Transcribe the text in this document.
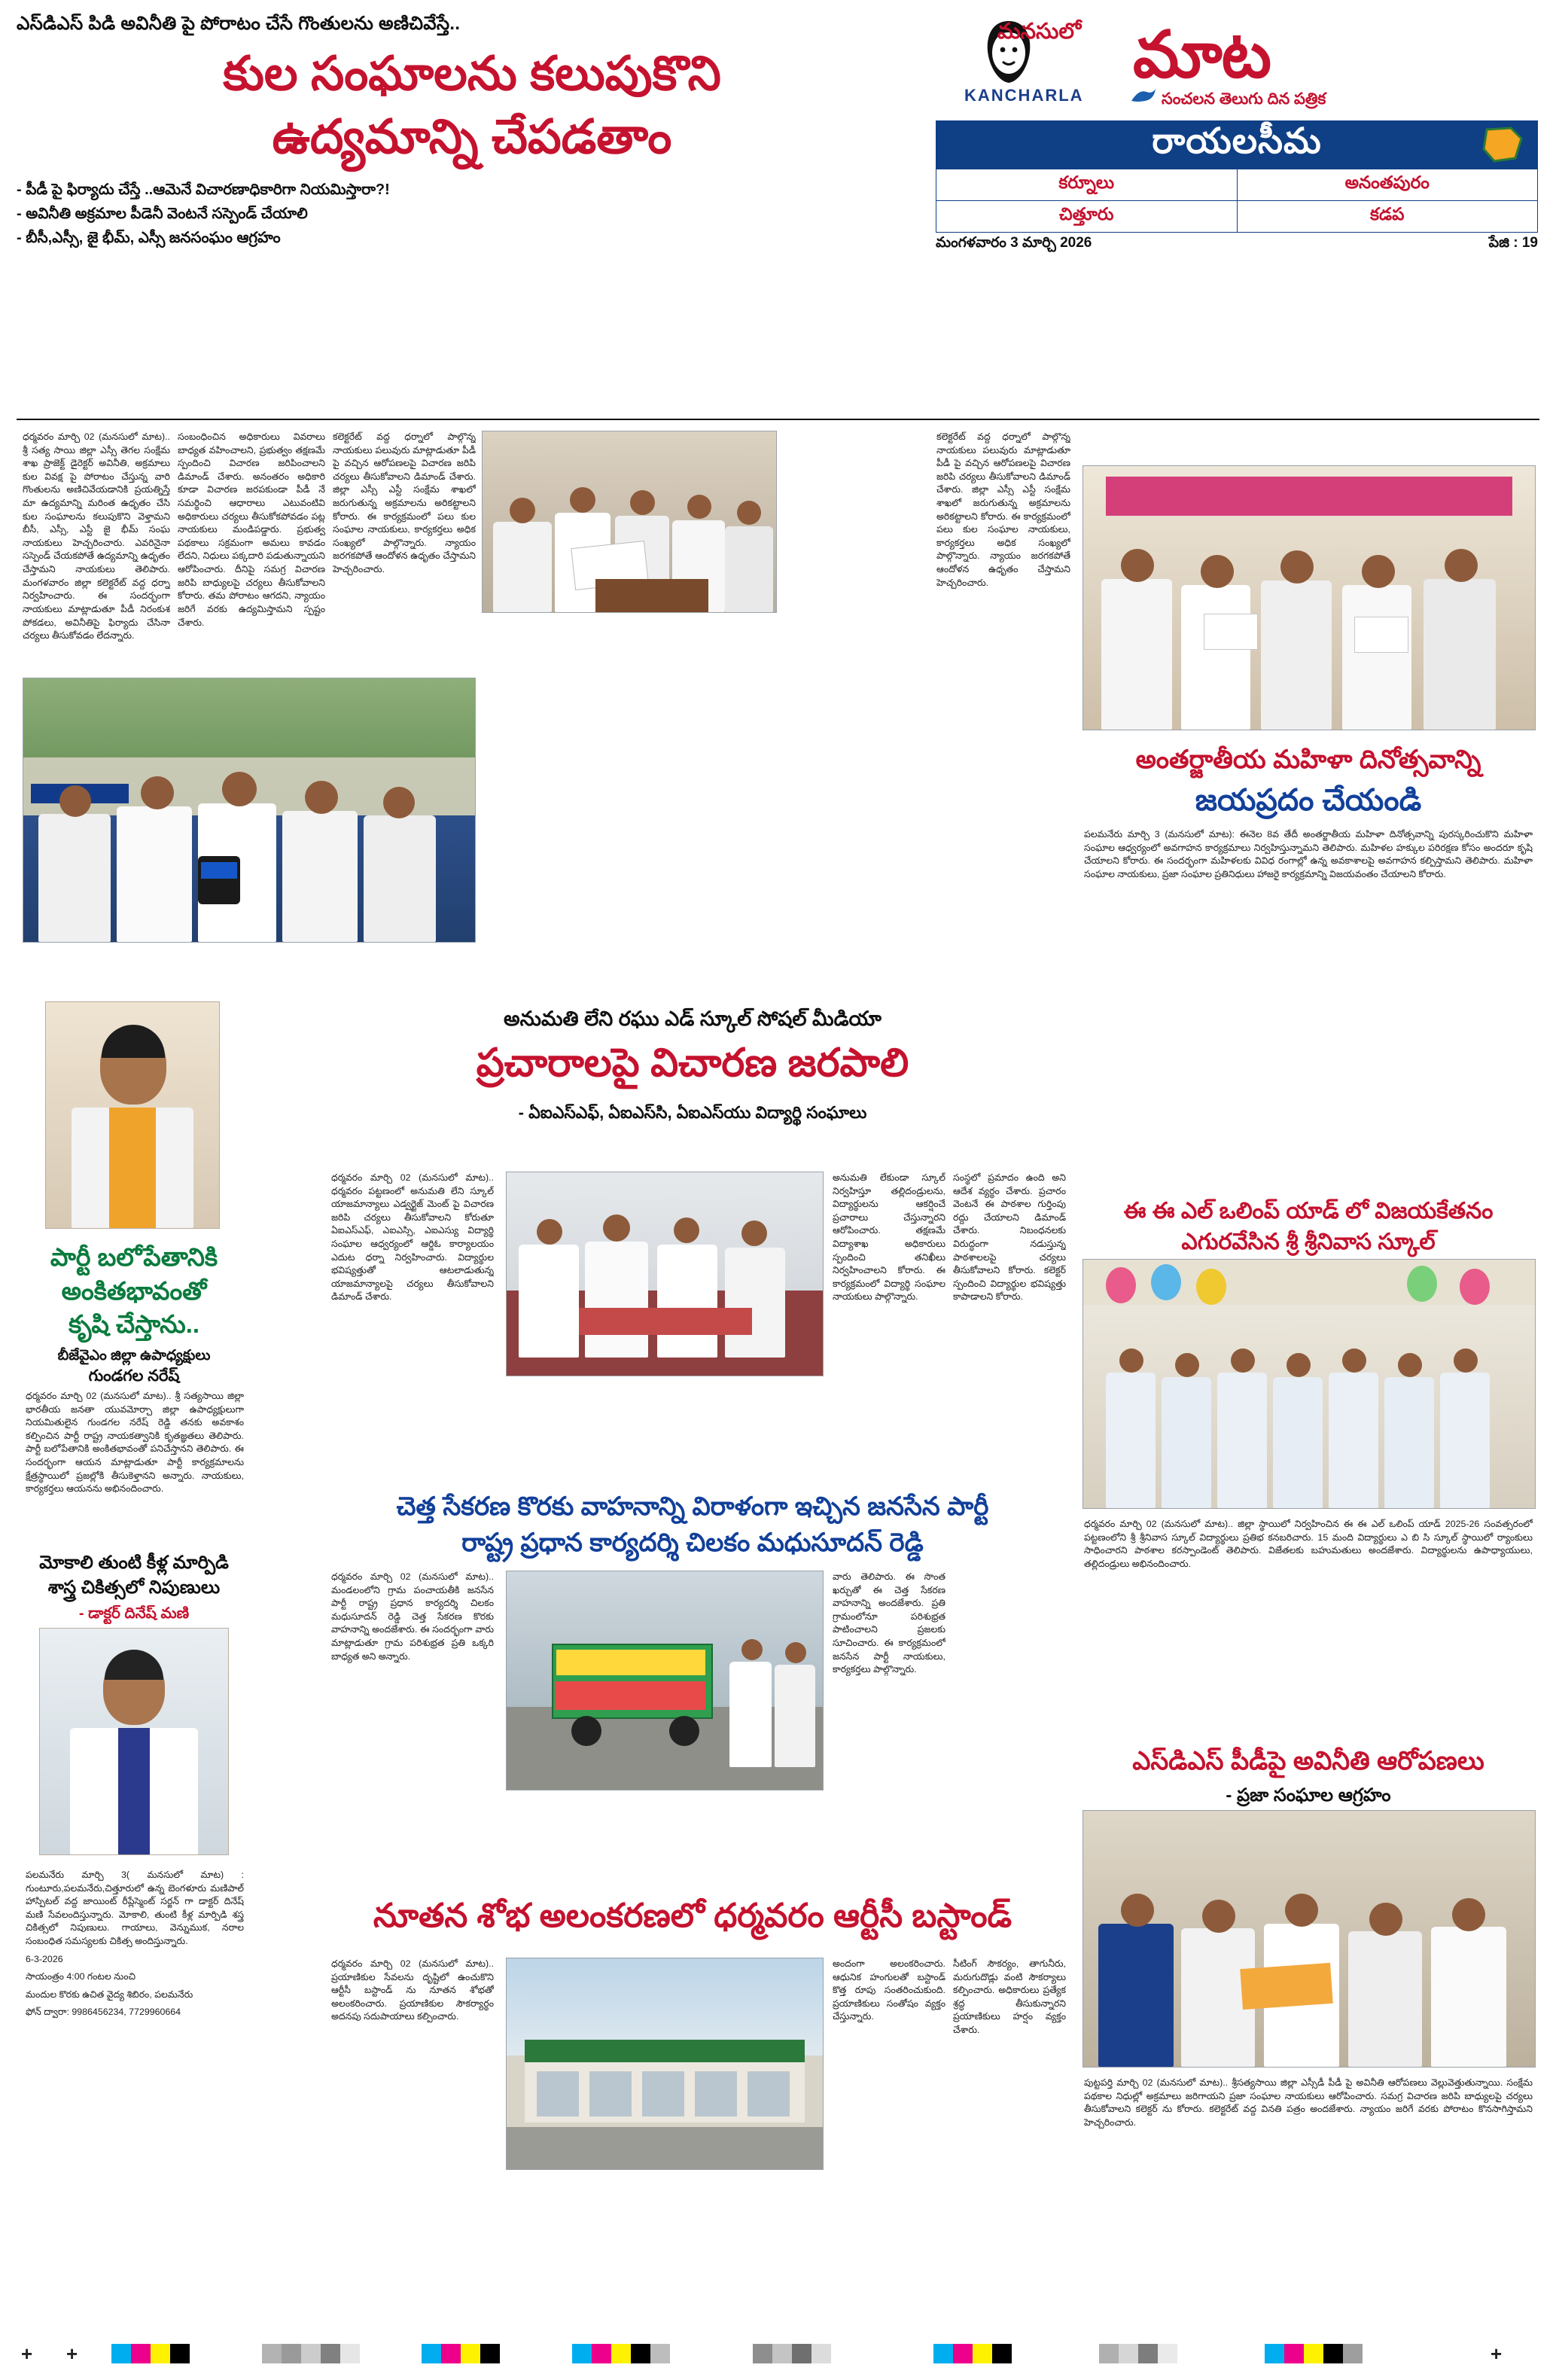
ఎస్‌డిఎస్ పిడి అవినీతి పై పోరాటం చేసే గొంతులను అణిచివేస్తే..
కుల సంఘాలను కలుపుకొని
ఉద్యమాన్ని చేపడతాం
- పీడీ పై ఫిర్యాదు చేస్తే ..ఆమెనే విచారణాధికారిగా నియమిస్తారా?!
- అవినీతి అక్రమాల పీడెనీ వెంటనే సస్పెండ్ చేయాలి
- బీసీ,ఎస్సీ, జై భీమ్, ఎస్సీ జనసంఘం ఆగ్రహం
మనసులో మాట
KANCHARLA	సంచలన తెలుగు దిన పత్రిక
రాయలసీమ
కర్నూలు	అనంతపురం
చిత్తూరు	కడప
మంగళవారం 3 మార్చి 2026	పేజి : 19

ధర్మవరం మార్చి 02 (మనసులో మాట).. శ్రీ సత్య సాయి జిల్లా ఎస్సీ తెగల సంక్షేమ శాఖ ప్రాజెక్ట్ డైరెక్టర్ అవినీతి, అక్రమాలు కుల వివక్ష పై పోరాటం చేస్తున్న వారి గొంతులను అణిచివేయడానికి ప్రయత్నిస్తే మా ఉద్యమాన్ని మరింత ఉధృతం చేసి కుల సంఘాలను కలుపుకొని వెళ్తామని బీసీ, ఎస్సీ, ఎస్టీ జై భీమ్ సంఘ నాయకులు హెచ్చరించారు. ఎవరినైనా సస్పెండ్ చేయకపోతే ఉద్యమాన్ని ఉధృతం చేస్తామని నాయకులు తెలిపారు. మంగళవారం జిల్లా కలెక్టరేట్ వద్ద ధర్నా నిర్వహించారు. ఈ సందర్భంగా నాయకులు మాట్లాడుతూ పీడీ నిరంకుశ పోకడలు, అవినీతిపై ఫిర్యాదు చేసినా చర్యలు తీసుకోవడం లేదన్నారు.

సంబంధించిన అధికారులు వివరాలు బాధ్యత వహించాలని, ప్రభుత్వం తక్షణమే స్పందించి విచారణ జరిపించాలని డిమాండ్ చేశారు. అనంతరం అధికారి కూడా విచారణ జరపకుండా పీడీ నే సమర్థించి ఆధారాలు ఎటువంటివి అధికారులు చర్యలు తీసుకోకపోవడం పట్ల నాయకులు మండిపడ్డారు. ప్రభుత్వ పథకాలు సక్రమంగా అమలు కావడం లేదని, నిధులు పక్కదారి పడుతున్నాయని ఆరోపించారు. దీనిపై సమగ్ర విచారణ జరిపి బాధ్యులపై చర్యలు తీసుకోవాలని కోరారు. తమ పోరాటం ఆగదని, న్యాయం జరిగే వరకు ఉద్యమిస్తామని స్పష్టం చేశారు.

కలెక్టరేట్ వద్ద ధర్నాలో పాల్గొన్న నాయకులు పలువురు మాట్లాడుతూ పీడీ పై వచ్చిన ఆరోపణలపై విచారణ జరిపి చర్యలు తీసుకోవాలని డిమాండ్ చేశారు. జిల్లా ఎస్సీ ఎస్టీ సంక్షేమ శాఖలో జరుగుతున్న అక్రమాలను అరికట్టాలని కోరారు. ఈ కార్యక్రమంలో పలు కుల సంఘాల నాయకులు, కార్యకర్తలు అధిక సంఖ్యలో పాల్గొన్నారు. న్యాయం జరగకపోతే ఆందోళన ఉధృతం చేస్తామని హెచ్చరించారు.

పార్టీ బలోపేతానికి
అంకితభావంతో
కృషి చేస్తాను..
బీజేవైఎం జిల్లా ఉపాధ్యక్షులు
గుండగల నరేష్

ధర్మవరం మార్చి 02 (మనసులో మాట).. శ్రీ సత్యసాయి జిల్లా భారతీయ జనతా యువమోర్చా జిల్లా ఉపాధ్యక్షులుగా నియమితులైన గుండగల నరేష్ రెడ్డి తనకు అవకాశం కల్పించిన పార్టీ రాష్ట్ర నాయకత్వానికి కృతజ్ఞతలు తెలిపారు. పార్టీ బలోపేతానికి అంకితభావంతో పనిచేస్తానని తెలిపారు. ఈ సందర్భంగా ఆయన మాట్లాడుతూ పార్టీ కార్యక్రమాలను క్షేత్రస్థాయిలో ప్రజల్లోకి తీసుకెళ్తానని అన్నారు. నాయకులు, కార్యకర్తలు ఆయనను అభినందించారు.

మోకాలి తుంటి కీళ్ల మార్పిడి
శాస్త్ర చికిత్సలో నిపుణులు
- డాక్టర్ దినేష్ మణి

పలమనేరు మార్చి 3( మనసులో మాట) : గుంటూరు,పలమనేరు,చిత్తూరులో ఉన్న బెంగళూరు మణిపాల్ హాస్పిటల్ వద్ద జాయింట్ రీప్లేస్మెంట్ సర్జన్ గా డాక్టర్ దినేష్ మణి సేవలందిస్తున్నారు. మోకాలి, తుంటి కీళ్ల మార్పిడి శస్త్ర చికిత్సలో నిపుణులు. గాయాలు, వెన్నుముక, నరాల సంబంధిత సమస్యలకు చికిత్స అందిస్తున్నారు.

6-3-2026

సాయంత్రం 4:00 గంటల నుంచి

మందుల కొరకు ఉచిత వైద్య శిబిరం, పలమనేరు

ఫోన్ ద్వారా: 9986456234, 7729960664

అనుమతి లేని రఘు ఎడ్ స్కూల్ సోషల్ మీడియా
ప్రచారాలపై విచారణ జరపాలి
- ఏఐఎస్‌ఎఫ్, ఏఐఎస్‌సి, ఏఐఎస్‌యు విద్యార్థి సంఘాలు

ధర్మవరం మార్చి 02 (మనసులో మాట).. ధర్మవరం పట్టణంలో అనుమతి లేని స్కూల్ యాజమాన్యాలు ఎడ్వర్టైజ్ మెంట్ పై విచారణ జరిపి చర్యలు తీసుకోవాలని కోరుతూ ఏఐఎస్ఎఫ్, ఎఐఎస్సి, ఎఐఎస్యు విద్యార్థి సంఘాల ఆధ్వర్యంలో ఆర్డిఓ కార్యాలయం ఎదుట ధర్నా నిర్వహించారు. విద్యార్థుల భవిష్యత్తుతో ఆటలాడుతున్న యాజమాన్యాలపై చర్యలు తీసుకోవాలని డిమాండ్ చేశారు.

అనుమతి లేకుండా స్కూల్ నిర్వహిస్తూ తల్లిదండ్రులను, విద్యార్థులను ఆకర్షించే ప్రచారాలు చేస్తున్నారని ఆరోపించారు. తక్షణమే విద్యాశాఖ అధికారులు స్పందించి తనిఖీలు నిర్వహించాలని కోరారు. ఈ కార్యక్రమంలో విద్యార్థి సంఘాల నాయకులు పాల్గొన్నారు.

సంస్థలో ప్రమాదం ఉంది అని ఆదేశ వ్యర్థం చేశారు. ప్రచారం వెంటనే ఈ పాఠశాల గుర్తింపు రద్దు చేయాలని డిమాండ్ చేశారు. నిబంధనలకు విరుద్ధంగా నడుస్తున్న పాఠశాలలపై చర్యలు తీసుకోవాలని కోరారు. కలెక్టర్ స్పందించి విద్యార్థుల భవిష్యత్తు కాపాడాలని కోరారు.

చెత్త సేకరణ కొరకు వాహనాన్ని విరాళంగా ఇచ్చిన జనసేన పార్టీ
రాష్ట్ర ప్రధాన కార్యదర్శి చిలకం మధుసూదన్ రెడ్డి

ధర్మవరం మార్చి 02 (మనసులో మాట).. మండలంలోని గ్రామ పంచాయతీకి జనసేన పార్టీ రాష్ట్ర ప్రధాన కార్యదర్శి చిలకం మధుసూదన్ రెడ్డి చెత్త సేకరణ కొరకు వాహనాన్ని అందజేశారు. ఈ సందర్భంగా వారు మాట్లాడుతూ గ్రామ పరిశుభ్రత ప్రతి ఒక్కరి బాధ్యత అని అన్నారు.

వారు తెలిపారు. ఈ సొంత ఖర్చుతో ఈ చెత్త సేకరణ వాహనాన్ని అందజేశారు. ప్రతి గ్రామంలోనూ పరిశుభ్రత పాటించాలని ప్రజలకు సూచించారు. ఈ కార్యక్రమంలో జనసేన పార్టీ నాయకులు, కార్యకర్తలు పాల్గొన్నారు.

నూతన శోభ అలంకరణలో ధర్మవరం ఆర్టీసీ బస్టాండ్

ధర్మవరం మార్చి 02 (మనసులో మాట).. ప్రయాణికుల సేవలను దృష్టిలో ఉంచుకొని ఆర్టీసీ బస్టాండ్ ను నూతన శోభతో అలంకరించారు. ప్రయాణికుల సౌకర్యార్థం అదనపు సదుపాయాలు కల్పించారు.

అందంగా అలంకరించారు. ఆధునిక హంగులతో బస్టాండ్ కొత్త రూపు సంతరించుకుంది. ప్రయాణికులు సంతోషం వ్యక్తం చేస్తున్నారు.

సీటింగ్ సౌకర్యం, తాగునీరు, మరుగుదొడ్లు వంటి సౌకర్యాలు కల్పించారు. అధికారులు ప్రత్యేక శ్రద్ధ తీసుకున్నారని ప్రయాణికులు హర్షం వ్యక్తం చేశారు.

కలెక్టరేట్ వద్ద ధర్నాలో పాల్గొన్న నాయకులు పలువురు మాట్లాడుతూ పీడీ పై వచ్చిన ఆరోపణలపై విచారణ జరిపి చర్యలు తీసుకోవాలని డిమాండ్ చేశారు. జిల్లా ఎస్సీ ఎస్టీ సంక్షేమ శాఖలో జరుగుతున్న అక్రమాలను అరికట్టాలని కోరారు. ఈ కార్యక్రమంలో పలు కుల సంఘాల నాయకులు, కార్యకర్తలు అధిక సంఖ్యలో పాల్గొన్నారు. న్యాయం జరగకపోతే ఆందోళన ఉధృతం చేస్తామని హెచ్చరించారు.

అంతర్జాతీయ మహిళా దినోత్సవాన్ని
జయప్రదం చేయండి

పలమనేరు మార్చి 3 (మనసులో మాట): ఈనెల 8వ తేదీ అంతర్జాతీయ మహిళా దినోత్సవాన్ని పురస్కరించుకొని మహిళా సంఘాల ఆధ్వర్యంలో అవగాహన కార్యక్రమాలు నిర్వహిస్తున్నామని తెలిపారు. మహిళల హక్కుల పరిరక్షణ కోసం అందరూ కృషి చేయాలని కోరారు. ఈ సందర్భంగా మహిళలకు వివిధ రంగాల్లో ఉన్న అవకాశాలపై అవగాహన కల్పిస్తామని తెలిపారు. మహిళా సంఘాల నాయకులు, ప్రజా సంఘాల ప్రతినిధులు హాజరై కార్యక్రమాన్ని విజయవంతం చేయాలని కోరారు.

ఈ ఈ ఎల్ ఒలింప్ యాడ్ లో విజయకేతనం
ఎగురవేసిన శ్రీ శ్రీనివాస స్కూల్

ధర్మవరం మార్చి 02 (మనసులో మాట).. జిల్లా స్థాయిలో నిర్వహించిన ఈ ఈ ఎల్ ఒలింప్ యాడ్ 2025-26 సంవత్సరంలో పట్టణంలోని శ్రీ శ్రీనివాస స్కూల్ విద్యార్థులు ప్రతిభ కనబరిచారు. 15 మంది విద్యార్థులు ఎ బి సి స్కూల్ స్థాయిలో ర్యాంకులు సాధించారని పాఠశాల కరస్పాండెంట్ తెలిపారు. విజేతలకు బహుమతులు అందజేశారు. విద్యార్థులను ఉపాధ్యాయులు, తల్లిదండ్రులు అభినందించారు.

ఎస్‌డిఎస్ పీడీపై అవినీతి ఆరోపణలు
- ప్రజా సంఘాల ఆగ్రహం

పుట్టపర్తి మార్చి 02 (మనసులో మాట).. శ్రీసత్యసాయి జిల్లా ఎస్సీడీ పీడీ పై అవినీతి ఆరోపణలు వెల్లువెత్తుతున్నాయి. సంక్షేమ పథకాల నిధుల్లో అక్రమాలు జరిగాయని ప్రజా సంఘాల నాయకులు ఆరోపించారు. సమగ్ర విచారణ జరిపి బాధ్యులపై చర్యలు తీసుకోవాలని కలెక్టర్ ను కోరారు. కలెక్టరేట్ వద్ద వినతి పత్రం అందజేశారు. న్యాయం జరిగే వరకు పోరాటం కొనసాగిస్తామని హెచ్చరించారు.

+ +	+
